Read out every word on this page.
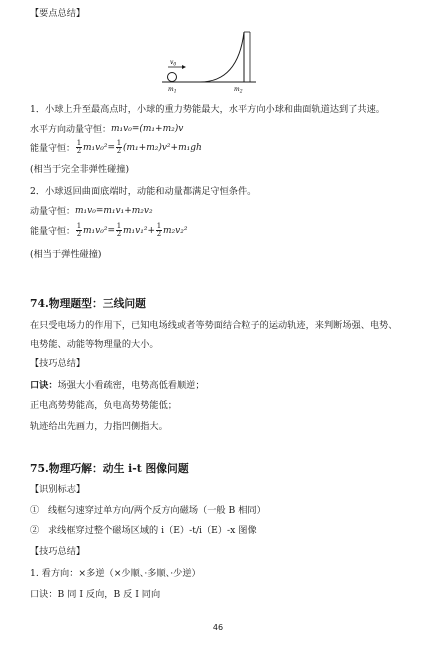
【要点总结】
$v_0$
$m_1$	$m_2$
1．小球上升至最高点时，小球的重力势能最大，水平方向小球和曲面轨道达到了共速。
水平方向动量守恒： m₁v₀=(m₁+m₂)v
能量守恒： $\frac{1}{2} m_1v_0^2= \frac{1}{2} (m_1+m_2)v^2+m_1gh$
(相当于完全非弹性碰撞)
2．小球返回曲面底端时，动能和动量都满足守恒条件。
动量守恒： m₁v₀=m₁v₁+m₂v₂
能量守恒： $\frac{1}{2} m_1v_0^2= \frac{1}{2} m_1v_1^2+ \frac{1}{2} m_2v_2^2$
(相当于弹性碰撞)
74.物理题型：三线问题
在只受电场力的作用下，已知电场线或者等势面结合粒子的运动轨迹，来判断场强、电势、
电势能、动能等物理量的大小。
【技巧总结】
口诀：场强大小看疏密，电势高低看顺逆；
正电高势势能高，负电高势势能低；
轨迹给出先画力，力指凹侧指大。
75.物理巧解：动生 i-t 图像问题
【识别标志】
① 线框匀速穿过单方向/两个反方向磁场（一般 B 相同）
② 求线框穿过整个磁场区域的 i（E）-t/i（E）-x 图像
【技巧总结】
1. 看方向：×多逆（×少顺、·多顺、·少逆）
口诀：B 同 I 反向，B 反 I 同向
46
